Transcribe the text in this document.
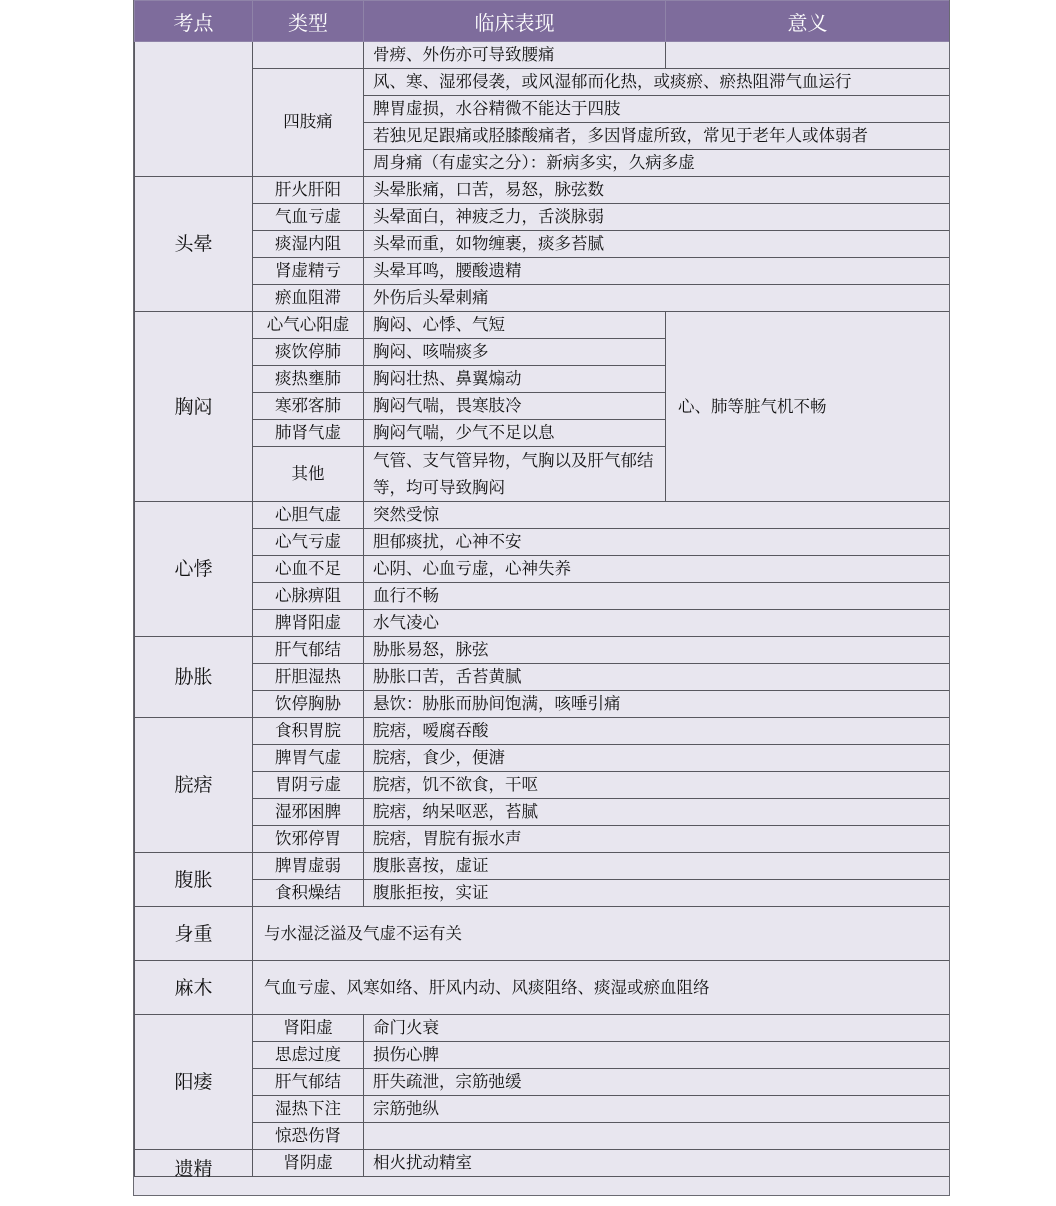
考点	类型	临床表现	意义
		骨痨、外伤亦可导致腰痛	
	四肢痛	风、寒、湿邪侵袭，或风湿郁而化热，或痰瘀、瘀热阻滞气血运行	
		脾胃虚损，水谷精微不能达于四肢	
		若独见足跟痛或胫膝酸痛者，多因肾虚所致，常见于老年人或体弱者	
		周身痛（有虚实之分）：新病多实，久病多虚	

头晕	肝火肝阳	头晕胀痛，口苦，易怒，脉弦数	
	气血亏虚	头晕面白，神疲乏力，舌淡脉弱	
	痰湿内阻	头晕而重，如物缠裹，痰多苔腻	
	肾虚精亏	头晕耳鸣，腰酸遗精	
	瘀血阻滞	外伤后头晕刺痛	
胸闷	心气心阳虚	胸闷、心悸、气短	心、肺等脏气机不畅
	痰饮停肺	胸闷、咳喘痰多	
	痰热壅肺	胸闷壮热、鼻翼煽动	
	寒邪客肺	胸闷气喘，畏寒肢冷	
	肺肾气虚	胸闷气喘，少气不足以息	
	其他	气管、支气管异物，气胸以及肝气郁结等，均可导致胸闷	
心悸	心胆气虚	突然受惊	
	心气亏虚	胆郁痰扰，心神不安	
	心血不足	心阴、心血亏虚，心神失养	
	心脉痹阻	血行不畅	
	脾肾阳虚	水气凌心	
胁胀	肝气郁结	胁胀易怒，脉弦	
	肝胆湿热	胁胀口苦，舌苔黄腻	
	饮停胸胁	悬饮：胁胀而胁间饱满，咳唾引痛	
脘痞	食积胃脘	脘痞，嗳腐吞酸	
	脾胃气虚	脘痞，食少，便溏	
	胃阴亏虚	脘痞，饥不欲食，干呕	
	湿邪困脾	脘痞，纳呆呕恶，苔腻	
	饮邪停胃	脘痞，胃脘有振水声	
腹胀	脾胃虚弱	腹胀喜按，虚证	
	食积燥结	腹胀拒按，实证	
身重	与水湿泛溢及气虚不运有关		
麻木	气血亏虚、风寒如络、肝风内动、风痰阻络、痰湿或瘀血阻络		
阳痿	肾阳虚	命门火衰	
	思虑过度	损伤心脾	
	肝气郁结	肝失疏泄，宗筋弛缓	
	湿热下注	宗筋弛纵	
	惊恐伤肾		
遗精	肾阴虚	相火扰动精室	
